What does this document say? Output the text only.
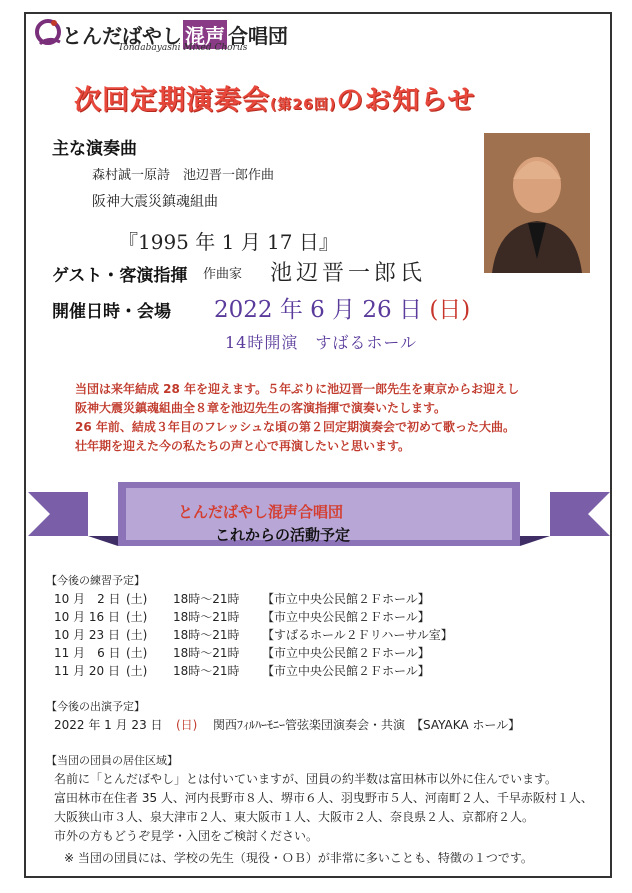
とんだばやし 混声 合唱団
Tondabayashi Mixed Chorus
次回定期演奏会(第26回)のお知らせ
主な演奏曲
森村誠一原詩　池辺晋一郎作曲
阪神大震災鎮魂組曲
『1995 年 1 月 17 日』
ゲスト・客演指揮 作曲家 池辺晋一郎氏
開催日時・会場 2022 年 6 月 26 日 (日)
14時開演　すばるホール
当団は来年結成 28 年を迎えます。５年ぶりに池辺晋一郎先生を東京からお迎えし
阪神大震災鎮魂組曲全８章を池辺先生の客演指揮で演奏いたします。
26 年前、結成３年目のフレッシュな頃の第２回定期演奏会で初めて歌った大曲。
壮年期を迎えた今の私たちの声と心で再演したいと思います。
とんだばやし混声合唱団
これからの活動予定
【今後の練習予定】
10 月　2 日 (土) 18時～21時 【市立中央公民館２Ｆホール】
10 月 16 日 (土) 18時～21時 【市立中央公民館２Ｆホール】
10 月 23 日 (土) 18時～21時 【すばるホール２Ｆリハーサル室】
11 月　6 日 (土) 18時～21時 【市立中央公民館２Ｆホール】
11 月 20 日 (土) 18時～21時 【市立中央公民館２Ｆホール】
【今後の出演予定】
2022 年 1 月 23 日 (日) 関西ﾌｨﾙﾊｰﾓﾆｰ管弦楽団演奏会・共演　【SAYAKA ホール】
【当団の団員の居住区域】
名前に「とんだばやし」とは付いていますが、団員の約半数は富田林市以外に住んでいます。
富田林市在住者 35 人、河内長野市８人、堺市６人、羽曳野市５人、河南町２人、千早赤阪村１人、
大阪狭山市３人、泉大津市２人、東大阪市１人、大阪市２人、奈良県２人、京都府２人。
市外の方もどうぞ見学・入団をご検討ください。
※ 当団の団員には、学校の先生（現役・ＯＢ）が非常に多いことも、特徴の１つです。
